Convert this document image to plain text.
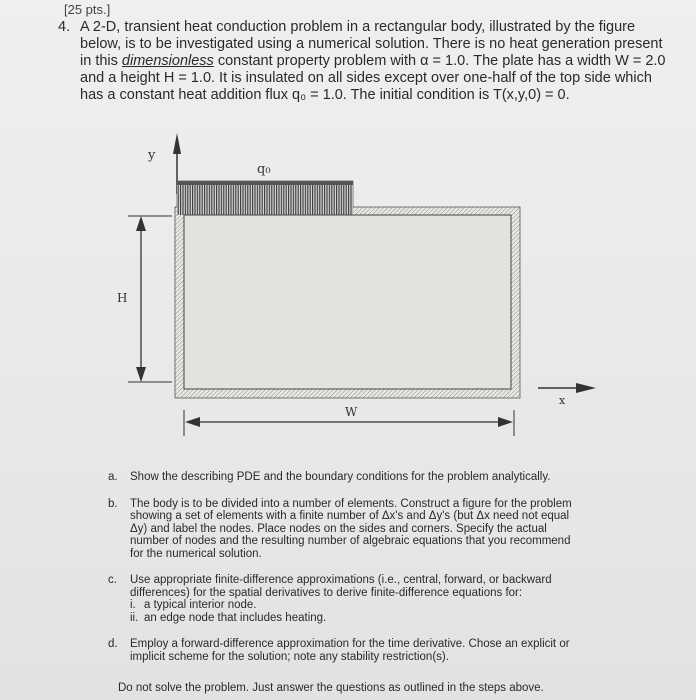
[25 pts.]
4. A 2-D, transient heat conduction problem in a rectangular body, illustrated by the figure
below, is to be investigated using a numerical solution. There is no heat generation present
in this dimensionless constant property problem with α = 1.0. The plate has a width W = 2.0
and a height H = 1.0. It is insulated on all sides except over one-half of the top side which
has a constant heat addition flux q₀ = 1.0. The initial condition is T(x,y,0) = 0.
y
q₀
H
x
W
a. Show the describing PDE and the boundary conditions for the problem analytically.
b. The body is to be divided into a number of elements. Construct a figure for the problem
showing a set of elements with a finite number of Δx's and Δy's (but Δx need not equal
Δy) and label the nodes. Place nodes on the sides and corners. Specify the actual
number of nodes and the resulting number of algebraic equations that you recommend
for the numerical solution.
c. Use appropriate finite-difference approximations (i.e., central, forward, or backward
differences) for the spatial derivatives to derive finite-difference equations for:
i. a typical interior node.
ii. an edge node that includes heating.
d. Employ a forward-difference approximation for the time derivative. Chose an explicit or
implicit scheme for the solution; note any stability restriction(s).
Do not solve the problem. Just answer the questions as outlined in the steps above.
